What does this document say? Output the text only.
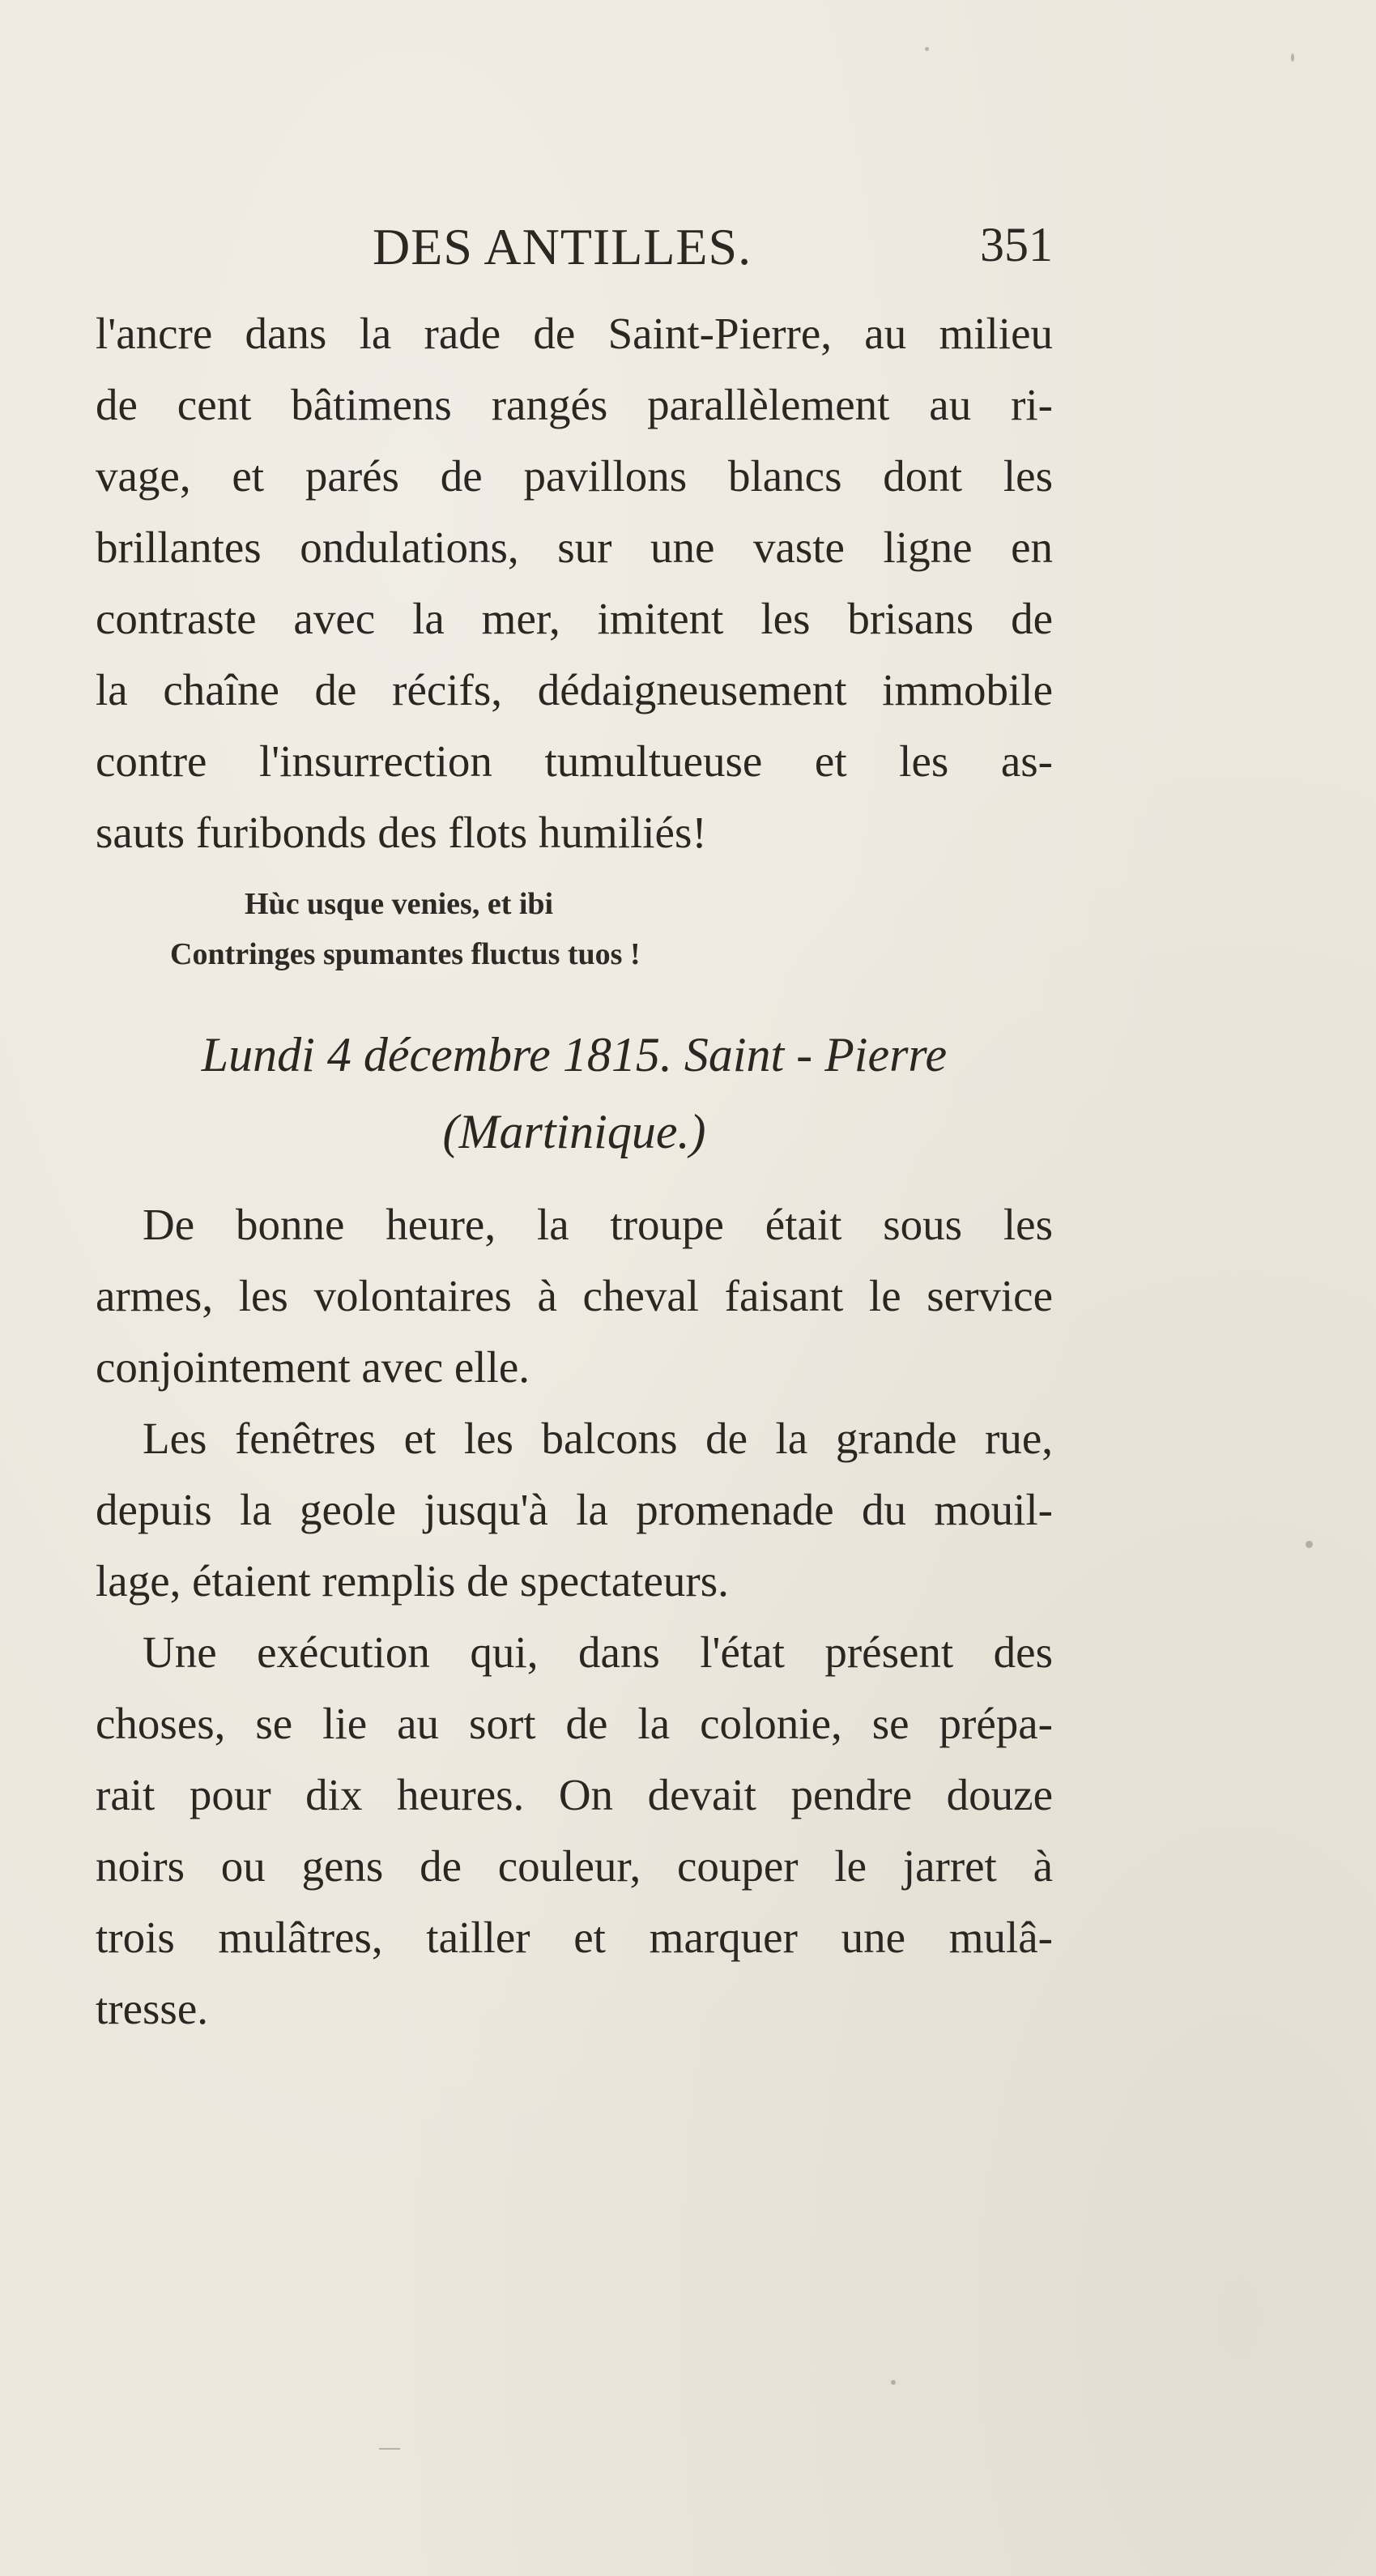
DES ANTILLES.	351
l'ancre dans la rade de Saint-Pierre, au milieu
de cent bâtimens rangés parallèlement au ri-
vage, et parés de pavillons blancs dont les
brillantes ondulations, sur une vaste ligne en
contraste avec la mer, imitent les brisans de
la chaîne de récifs, dédaigneusement immobile
contre l'insurrection tumultueuse et les as-
sauts furibonds des flots humiliés!
Hùc usque venies, et ibi
Contringes spumantes fluctus tuos !
Lundi 4 décembre 1815. Saint - Pierre
(Martinique.)
De bonne heure, la troupe était sous les
armes, les volontaires à cheval faisant le service
conjointement avec elle.
Les fenêtres et les balcons de la grande rue,
depuis la geole jusqu'à la promenade du mouil-
lage, étaient remplis de spectateurs.
Une exécution qui, dans l'état présent des
choses, se lie au sort de la colonie, se prépa-
rait pour dix heures. On devait pendre douze
noirs ou gens de couleur, couper le jarret à
trois mulâtres, tailler et marquer une mulâ-
tresse.
